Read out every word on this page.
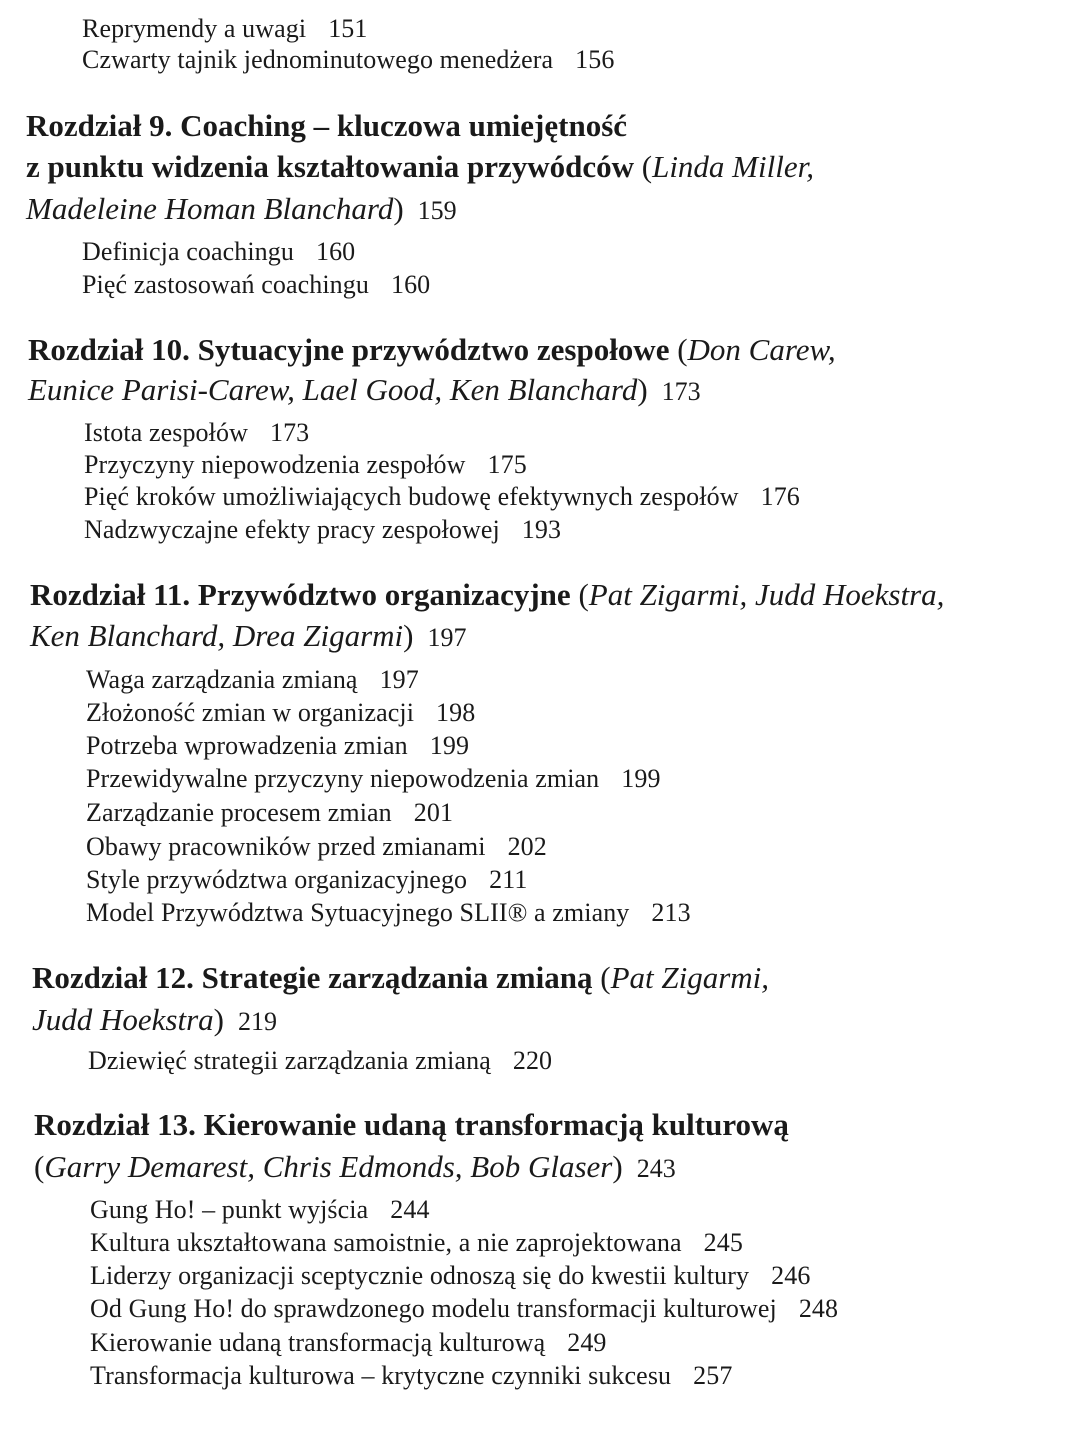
Reprymendy a uwagi 151
Czwarty tajnik jednominutowego menedżera 156
Rozdział 9. Coaching – kluczowa umiejętność
z punktu widzenia kształtowania przywódców (Linda Miller,
Madeleine Homan Blanchard) 159
Definicja coachingu 160
Pięć zastosowań coachingu 160
Rozdział 10. Sytuacyjne przywództwo zespołowe (Don Carew,
Eunice Parisi-Carew, Lael Good, Ken Blanchard) 173
Istota zespołów 173
Przyczyny niepowodzenia zespołów 175
Pięć kroków umożliwiających budowę efektywnych zespołów 176
Nadzwyczajne efekty pracy zespołowej 193
Rozdział 11. Przywództwo organizacyjne (Pat Zigarmi, Judd Hoekstra,
Ken Blanchard, Drea Zigarmi) 197
Waga zarządzania zmianą 197
Złożoność zmian w organizacji 198
Potrzeba wprowadzenia zmian 199
Przewidywalne przyczyny niepowodzenia zmian 199
Zarządzanie procesem zmian 201
Obawy pracowników przed zmianami 202
Style przywództwa organizacyjnego 211
Model Przywództwa Sytuacyjnego SLII® a zmiany 213
Rozdział 12. Strategie zarządzania zmianą (Pat Zigarmi,
Judd Hoekstra) 219
Dziewięć strategii zarządzania zmianą 220
Rozdział 13. Kierowanie udaną transformacją kulturową
(Garry Demarest, Chris Edmonds, Bob Glaser) 243
Gung Ho! – punkt wyjścia 244
Kultura ukształtowana samoistnie, a nie zaprojektowana 245
Liderzy organizacji sceptycznie odnoszą się do kwestii kultury 246
Od Gung Ho! do sprawdzonego modelu transformacji kulturowej 248
Kierowanie udaną transformacją kulturową 249
Transformacja kulturowa – krytyczne czynniki sukcesu 257
